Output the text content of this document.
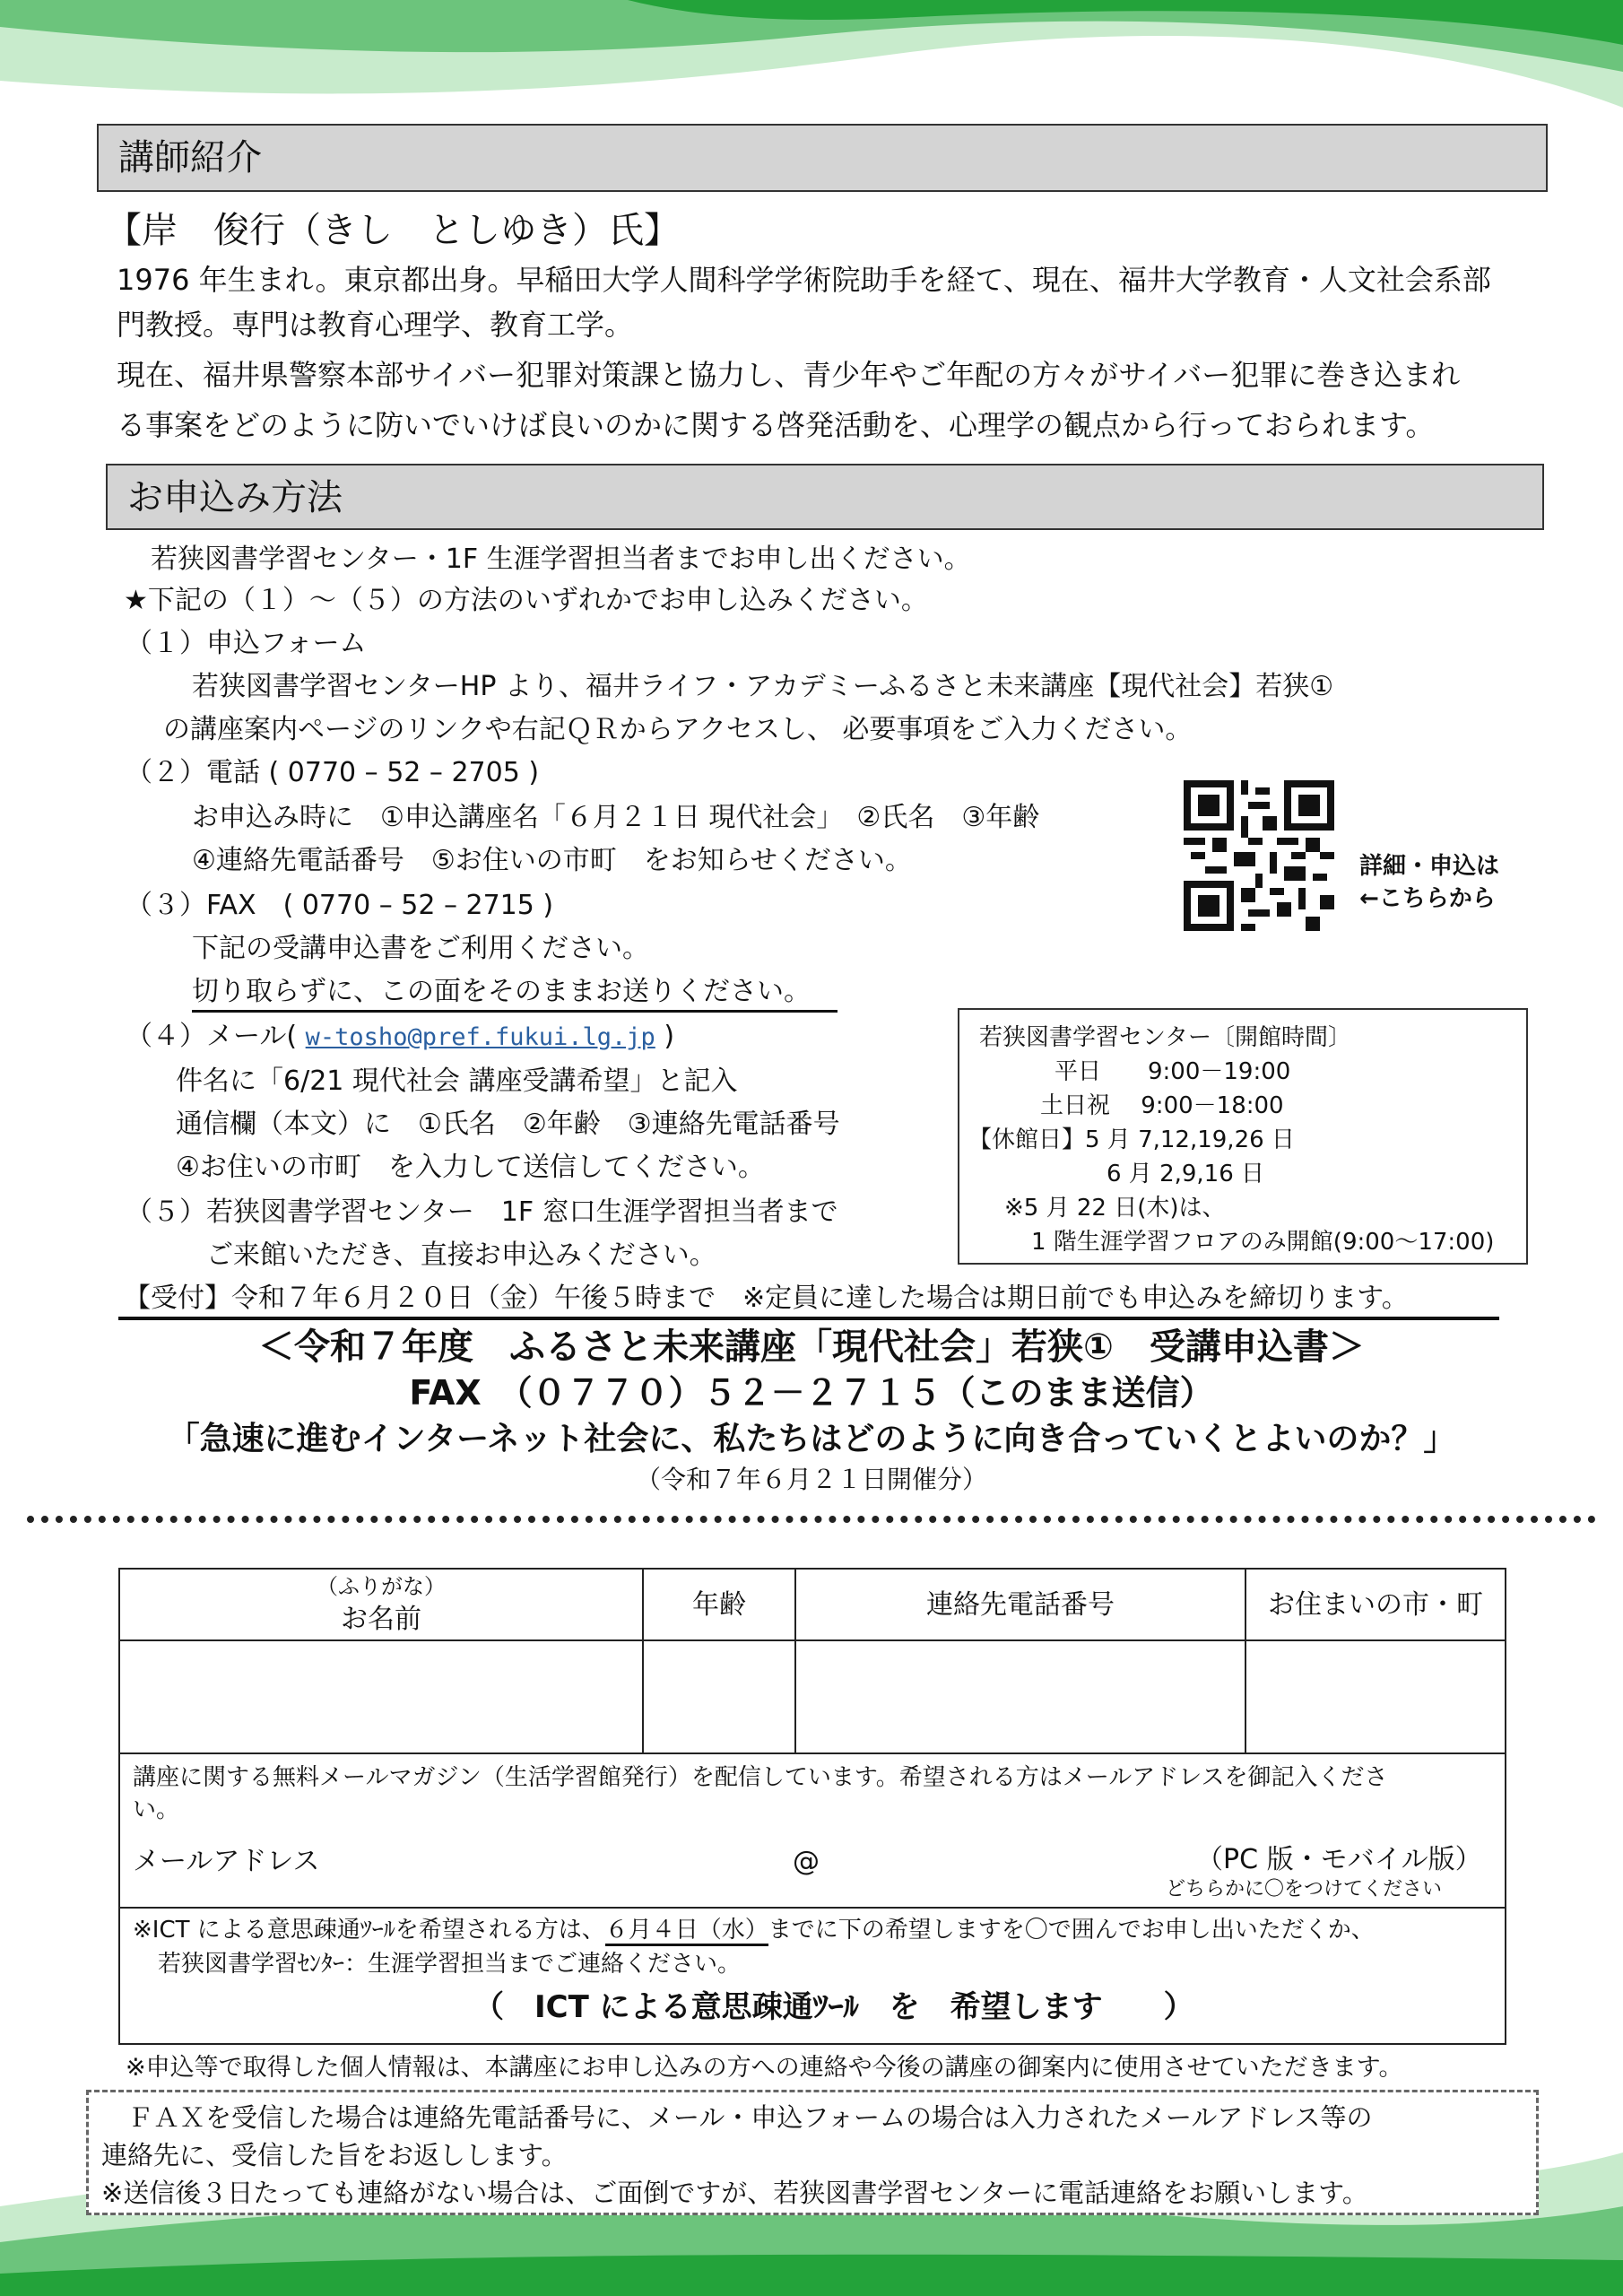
講師紹介
【岸　俊行（きし　としゆき）氏】
1976 年生まれ。東京都出身。早稲田大学人間科学学術院助手を経て、現在、福井大学教育・人文社会系部
門教授。専門は教育心理学、教育工学。
現在、福井県警察本部サイバー犯罪対策課と協力し、青少年やご年配の方々がサイバー犯罪に巻き込まれ
る事案をどのように防いでいけば良いのかに関する啓発活動を、心理学の観点から行っておられます。
お申込み方法
若狭図書学習センター・1F 生涯学習担当者までお申し出ください。
★下記の（１）～（５）の方法のいずれかでお申し込みください。
（１）申込フォーム
若狭図書学習センターHP より、福井ライフ・アカデミーふるさと未来講座【現代社会】若狭①
の講座案内ページのリンクや右記ＱＲからアクセスし、 必要事項をご入力ください。
（２）電話 ( 0770 – 52 – 2705 )
お申込み時に　①申込講座名「６月２１日 現代社会」　②氏名　③年齢
④連絡先電話番号　⑤お住いの市町　をお知らせください。
（３）FAX　( 0770 – 52 – 2715 )
下記の受講申込書をご利用ください。
切り取らずに、この面をそのままお送りください。
（４）メール( w-tosho@pref.fukui.lg.jp )
件名に「6/21 現代社会 講座受講希望」と記入
通信欄（本文）に　①氏名　②年齢　③連絡先電話番号
④お住いの市町　を入力して送信してください。
（５）若狭図書学習センター　1F 窓口生涯学習担当者まで
ご来館いただき、直接お申込みください。
詳細・申込は
←こちらから
若狭図書学習センター〔開館時間〕
平日　　9:00－19:00
土日祝　 9:00－18:00
【休館日】5 月 7,12,19,26 日
6 月 2,9,16 日
※5 月 22 日(木)は、
1 階生涯学習フロアのみ開館(9:00～17:00)
【受付】令和７年６月２０日（金）午後５時まで　※定員に達した場合は期日前でも申込みを締切ります。
＜令和７年度　ふるさと未来講座「現代社会」若狭①　受講申込書＞
FAX　（０７７０）５２－２７１５（このまま送信）
「急速に進むインターネット社会に、私たちはどのように向き合っていくとよいのか？」
（令和７年６月２１日開催分）
（ふりがな）
お名前	年齢	連絡先電話番号	お住まいの市・町
講座に関する無料メールマガジン（生活学習館発行）を配信しています。希望される方はメールアドレスを御記入くださ
い。
メールアドレス	@	（PC 版・モバイル版）
どちらかに〇をつけてください
※ICT による意思疎通ﾂｰﾙを希望される方は、６月４日（水）までに下の希望しますを〇で囲んでお申し出いただくか、
若狭図書学習ｾﾝﾀｰ：生涯学習担当までご連絡ください。
（　ICT による意思疎通ﾂｰﾙ　を　希望します　　）
※申込等で取得した個人情報は、本講座にお申し込みの方への連絡や今後の講座の御案内に使用させていただきます。
　ＦＡＸを受信した場合は連絡先電話番号に、メール・申込フォームの場合は入力されたメールアドレス等の
連絡先に、受信した旨をお返しします。
※送信後３日たっても連絡がない場合は、ご面倒ですが、若狭図書学習センターに電話連絡をお願いします。
